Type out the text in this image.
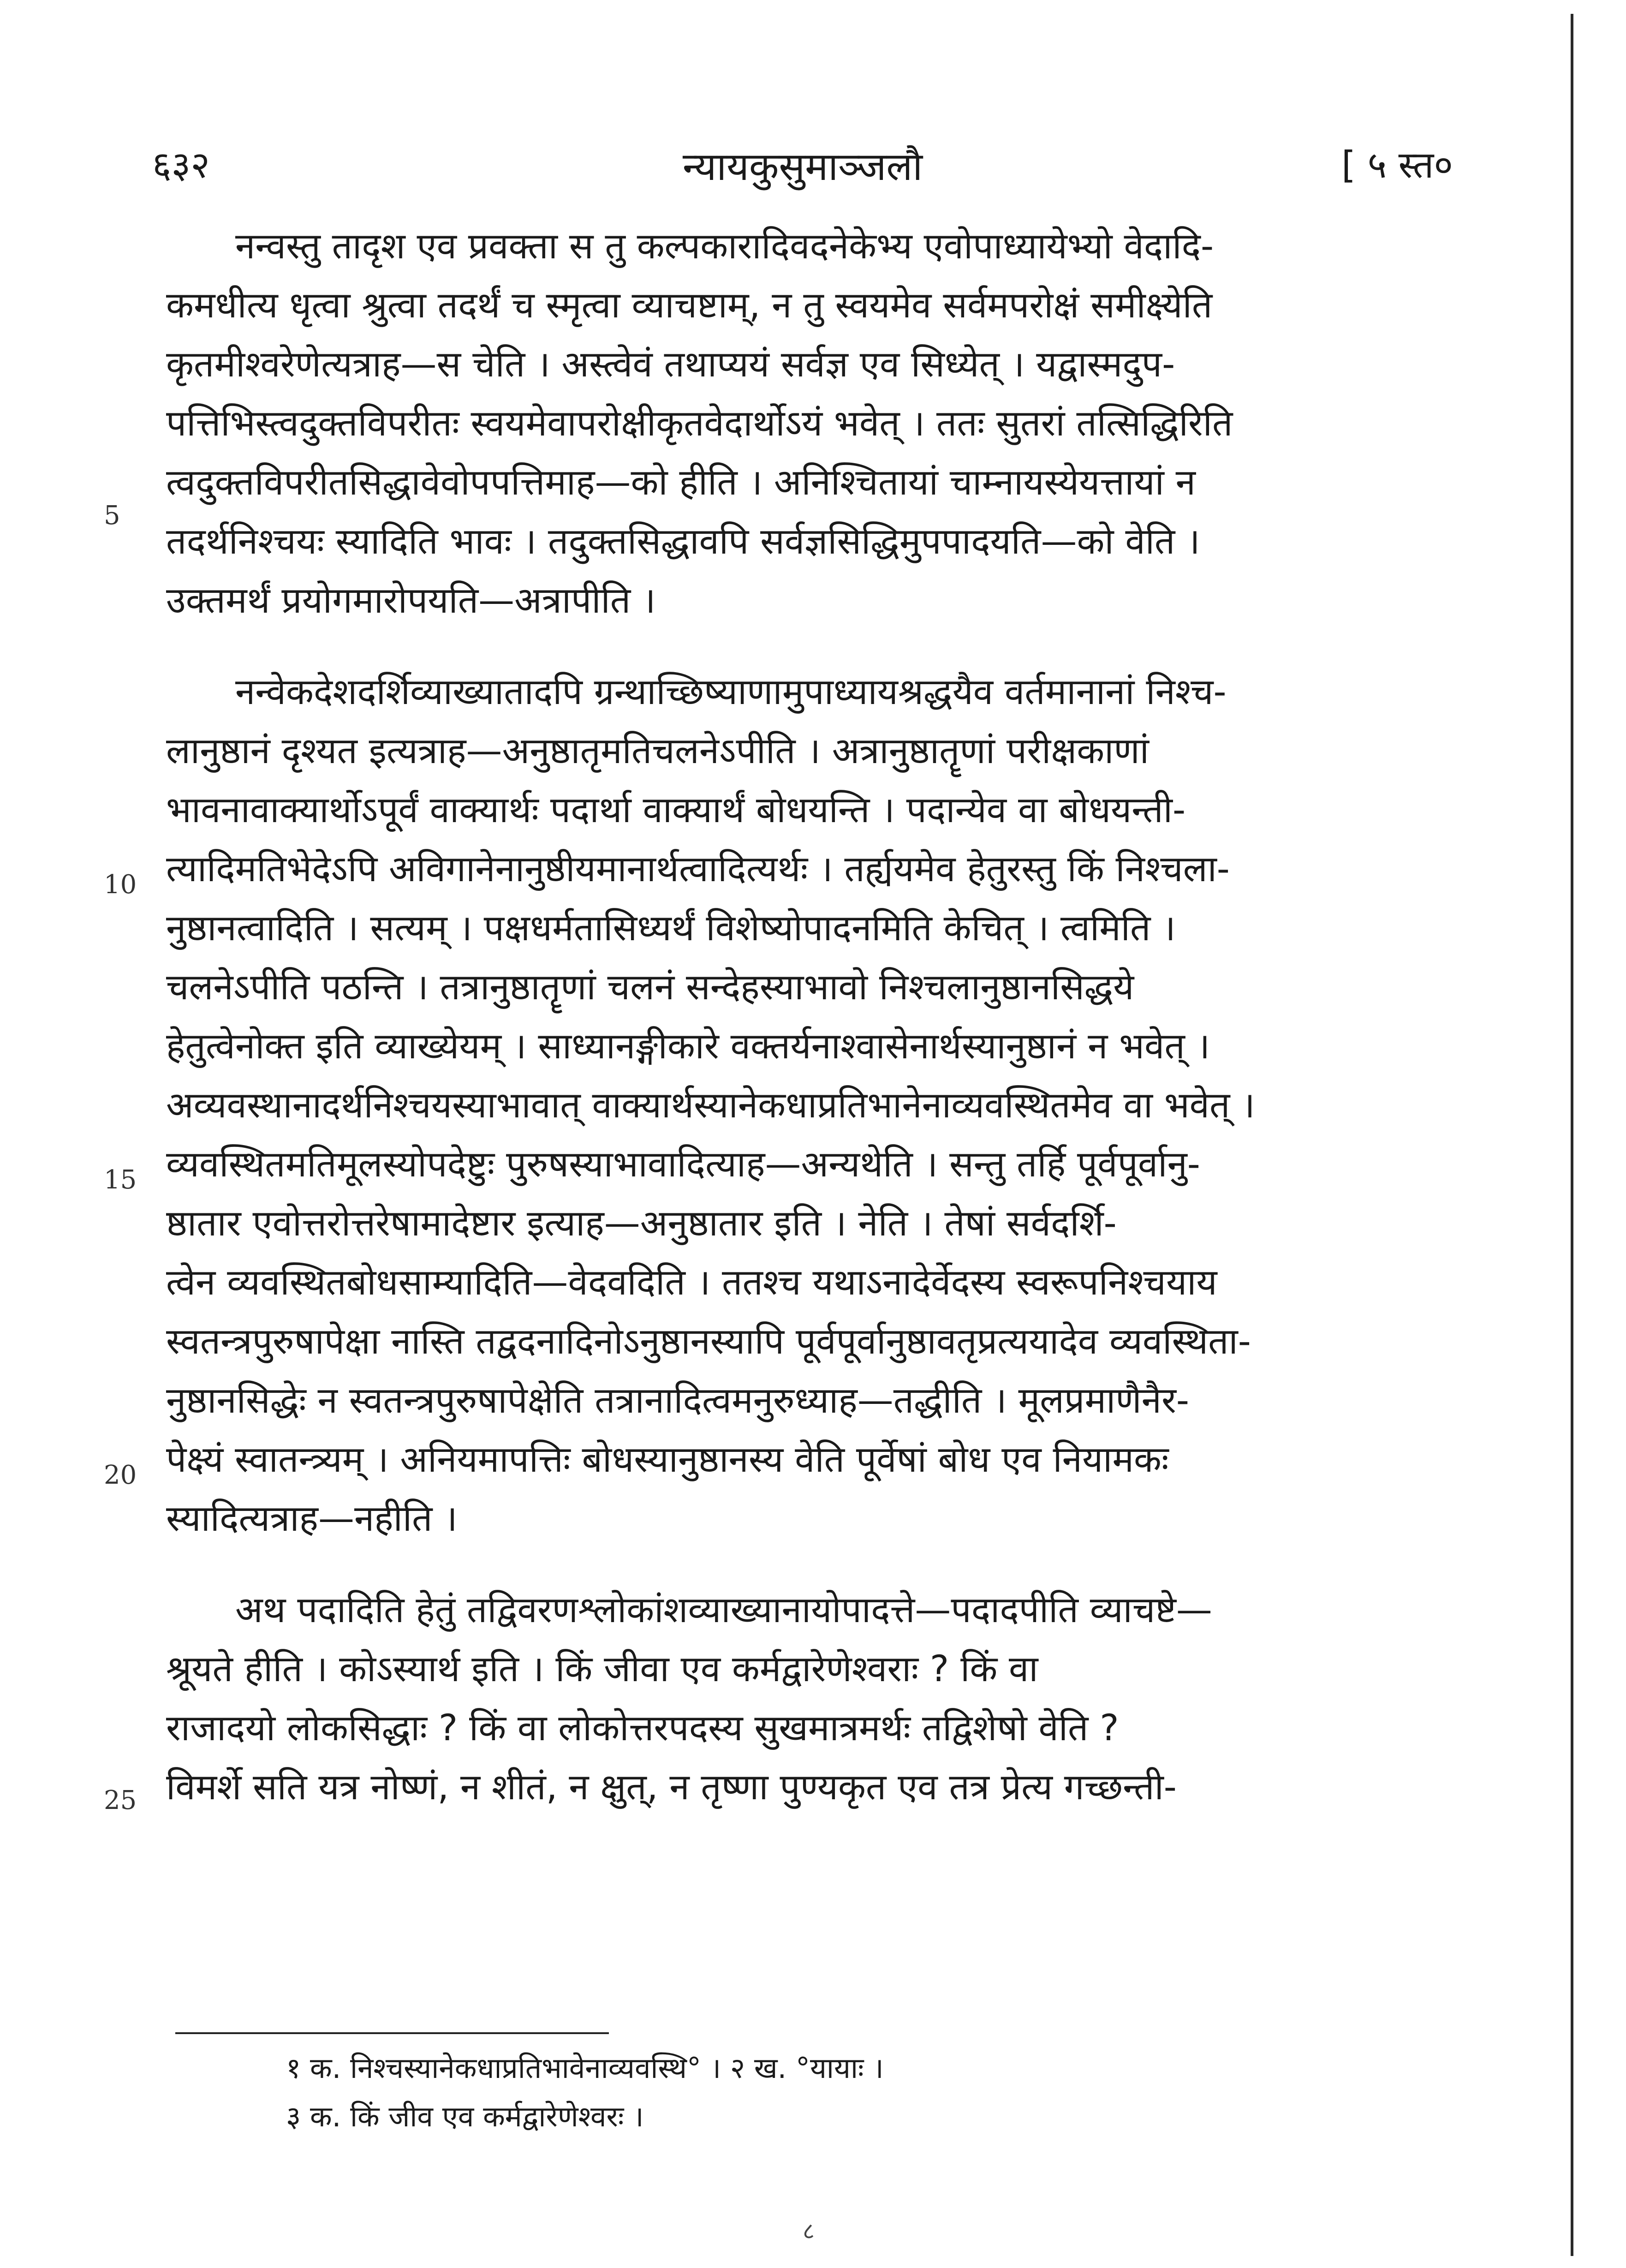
६३२	न्यायकुसुमाञ्जलौ	[ ५ स्त०
5
10
15
20
25
नन्वस्तु तादृश एव प्रवक्ता स तु कल्पकारादिवदनेकेभ्य एवोपाध्यायेभ्यो वेदादि-
कमधीत्य धृत्वा श्रुत्वा तदर्थं च स्मृत्वा व्याचष्टाम्, न तु स्वयमेव सर्वमपरोक्षं समीक्ष्येति
कृतमीश्वरेणेत्यत्राह—स चेति । अस्त्वेवं तथाप्ययं सर्वज्ञ एव सिध्येत् । यद्वास्मदुप-
पत्तिभिस्त्वदुक्तविपरीतः स्वयमेवापरोक्षीकृतवेदार्थोऽयं भवेत् । ततः सुतरां तत्सिद्धिरिति
त्वदुक्तविपरीतसिद्धावेवोपपत्तिमाह—को हीति । अनिश्चितायां चाम्नायस्येयत्तायां न
तदर्थनिश्चयः स्यादिति भावः । तदुक्तसिद्धावपि सर्वज्ञसिद्धिमुपपादयति—को वेति ।
उक्तमर्थं प्रयोगमारोपयति—अत्रापीति ।
नन्वेकदेशदर्शिव्याख्यातादपि ग्रन्थाच्छिष्याणामुपाध्यायश्रद्धयैव वर्तमानानां निश्च-
लानुष्ठानं दृश्यत इत्यत्राह—अनुष्ठातृमतिचलनेऽपीति । अत्रानुष्ठातॄणां परीक्षकाणां
भावनावाक्यार्थोऽपूर्वं वाक्यार्थः पदार्था वाक्यार्थं बोधयन्ति । पदान्येव वा बोधयन्ती-
त्यादिमतिभेदेऽपि अविगानेनानुष्ठीयमानार्थत्वादित्यर्थः । तर्ह्ययमेव हेतुरस्तु किं निश्चला-
नुष्ठानत्वादिति । सत्यम् । पक्षधर्मतासिध्यर्थं विशेष्योपादनमिति केचित् । त्वमिति ।
चलनेऽपीति पठन्ति । तत्रानुष्ठातॄणां चलनं सन्देहस्याभावो निश्चलानुष्ठानसिद्धये
हेतुत्वेनोक्त इति व्याख्येयम् । साध्यानङ्गीकारे वक्तर्यनाश्वासेनार्थस्यानुष्ठानं न भवेत् ।
अव्यवस्थानादर्थनिश्चयस्याभावात् वाक्यार्थस्यानेकधाप्रतिभानेनाव्यवस्थितमेव वा भवेत् ।
व्यवस्थितमतिमूलस्योपदेष्टुः पुरुषस्याभावादित्याह—अन्यथेति । सन्तु तर्हि पूर्वपूर्वानु-
ष्ठातार एवोत्तरोत्तरेषामादेष्टार इत्याह—अनुष्ठातार इति । नेति । तेषां सर्वदर्शि-
त्वेन व्यवस्थितबोधसाम्यादिति—वेदवदिति । ततश्च यथाऽनादेर्वेदस्य स्वरूपनिश्चयाय
स्वतन्त्रपुरुषापेक्षा नास्ति तद्वदनादिनोऽनुष्ठानस्यापि पूर्वपूर्वानुष्ठावतृप्रत्ययादेव व्यवस्थिता-
नुष्ठानसिद्धेः न स्वतन्त्रपुरुषापेक्षेति तत्रानादित्वमनुरुध्याह—तद्धीति । मूलप्रमाणैनैर-
पेक्ष्यं स्वातन्त्र्यम् । अनियमापत्तिः बोधस्यानुष्ठानस्य वेति पूर्वेषां बोध एव नियामकः
स्यादित्यत्राह—नहीति ।
अथ पदादिति हेतुं तद्विवरणश्लोकांशव्याख्यानायोपादत्ते—पदादपीति व्याचष्टे—
श्रूयते हीति । कोऽस्यार्थ इति । किं जीवा एव कर्मद्वारेणेश्वराः ? किं वा
राजादयो लोकसिद्धाः ? किं वा लोकोत्तरपदस्य सुखमात्रमर्थः तद्विशेषो वेति ?
विमर्शे सति यत्र नोष्णं, न शीतं, न क्षुत्, न तृष्णा पुण्यकृत एव तत्र प्रेत्य गच्छन्ती-
१ क. निश्चस्यानेकधाप्रतिभावेनाव्यवस्थि° । २ ख. °यायाः ।
३ क. किं जीव एव कर्मद्वारेणेश्वरः ।
८
